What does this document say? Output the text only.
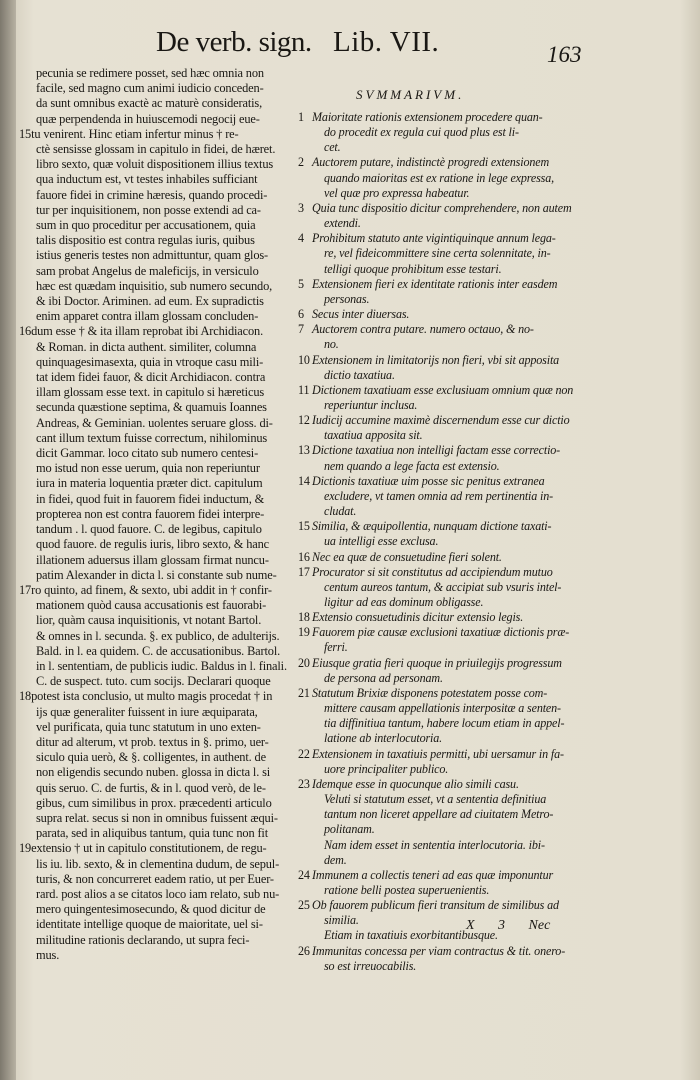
De verb. sign. Lib. VII.	163
pecunia se redimere posset, sed hæc omnia non
facile, sed magno cum animi iudicio conceden-
da sunt omnibus exactè ac maturè consideratis,
quæ perpendenda in huiuscemodi negocij eue-
15tu venirent. Hinc etiam infertur minus † re-
ctè sensisse glossam in capitulo in fidei, de hæret.
libro sexto, quæ voluit dispositionem illius textus
qua inductum est, vt testes inhabiles sufficiant
fauore fidei in crimine hæresis, quando procedi-
tur per inquisitionem, non posse extendi ad ca-
sum in quo proceditur per accusationem, quia
talis dispositio est contra regulas iuris, quibus
istius generis testes non admittuntur, quam glos-
sam probat Angelus de maleficijs, in versiculo
hæc est quædam inquisitio, sub numero secundo,
& ibi Doctor. Ariminen. ad eum. Ex supradictis
enim apparet contra illam glossam concluden-
16dum esse † & ita illam reprobat ibi Archidiacon.
& Roman. in dicta authent. similiter, columna
quinquagesimasexta, quia in vtroque casu mili-
tat idem fidei fauor, & dicit Archidiacon. contra
illam glossam esse text. in capitulo si hæreticus
secunda quæstione septima, & quamuis Ioannes
Andreas, & Geminian. uolentes seruare gloss. di-
cant illum textum fuisse correctum, nihilominus
dicit Gammar. loco citato sub numero centesi-
mo istud non esse uerum, quia non reperiuntur
iura in materia loquentia præter dict. capitulum
in fidei, quod fuit in fauorem fidei inductum, &
propterea non est contra fauorem fidei interpre-
tandum . l. quod fauore. C. de legibus, capitulo
quod fauore. de regulis iuris, libro sexto, & hanc
illationem aduersus illam glossam firmat nuncu-
patim Alexander in dicta l. si constante sub nume-
17ro quinto, ad finem, & sexto, ubi addit in † confir-
mationem quòd causa accusationis est fauorabi-
lior, quàm causa inquisitionis, vt notant Bartol.
& omnes in l. secunda. §. ex publico, de adulterijs.
Bald. in l. ea quidem. C. de accusationibus. Bartol.
in l. sententiam, de publicis iudic. Baldus in l. finali.
C. de suspect. tuto. cum socijs. Declarari quoque
18potest ista conclusio, ut multo magis procedat † in
ijs quæ generaliter fuissent in iure æquiparata,
vel purificata, quia tunc statutum in uno exten-
ditur ad alterum, vt prob. textus in §. primo, uer-
siculo quia uerò, & §. colligentes, in authent. de
non eligendis secundo nuben. glossa in dicta l. si
quis seruo. C. de furtis, & in l. quod verò, de le-
gibus, cum similibus in prox. præcedenti articulo
supra relat. secus si non in omnibus fuissent æqui-
parata, sed in aliquibus tantum, quia tunc non fit
19extensio † ut in capitulo constitutionem, de regu-
lis iu. lib. sexto, & in clementina dudum, de sepul-
turis, & non concurreret eadem ratio, ut per Euer-
rard. post alios a se citatos loco iam relato, sub nu-
mero quingentesimosecundo, & quod dicitur de
identitate intellige quoque de maioritate, uel si-
militudine rationis declarando, ut supra feci-
mus.
SVMMARIVM.
1 Maioritate rationis extensionem procedere quan-
do procedit ex regula cui quod plus est li-
cet.
2 Auctorem putare, indistinctè progredi extensionem
quando maioritas est ex ratione in lege expressa,
vel quæ pro expressa habeatur.
3 Quia tunc dispositio dicitur comprehendere, non autem
extendi.
4 Prohibitum statuto ante vigintiquinque annum lega-
re, vel fideicommittere sine certa solennitate, in-
telligi quoque prohibitum esse testari.
5 Extensionem fieri ex identitate rationis inter easdem
personas.
6 Secus inter diuersas.
7 Auctorem contra putare. numero octauo, & no-
no.
10 Extensionem in limitatorijs non fieri, vbi sit apposita
dictio taxatiua.
11 Dictionem taxatiuam esse exclusiuam omnium quæ non
reperiuntur inclusa.
12 Iudicij accumine maximè discernendum esse cur dictio
taxatiua apposita sit.
13 Dictione taxatiua non intelligi factam esse correctio-
nem quando a lege facta est extensio.
14 Dictionis taxatiuæ uim posse sic penitus extranea
excludere, vt tamen omnia ad rem pertinentia in-
cludat.
15 Similia, & æquipollentia, nunquam dictione taxati-
ua intelligi esse exclusa.
16 Nec ea quæ de consuetudine fieri solent.
17 Procurator si sit constitutus ad accipiendum mutuo
centum aureos tantum, & accipiat sub vsuris intel-
ligitur ad eas dominum obligasse.
18 Extensio consuetudinis dicitur extensio legis.
19 Fauorem piæ causæ exclusioni taxatiuæ dictionis præ-
ferri.
20 Eiusque gratia fieri quoque in priuilegijs progressum
de persona ad personam.
21 Statutum Brixiæ disponens potestatem posse com-
mittere causam appellationis interpositæ a senten-
tia diffinitiua tantum, habere locum etiam in appel-
latione ab interlocutoria.
22 Extensionem in taxatiuis permitti, ubi uersamur in fa-
uore principaliter publico.
23 Idemque esse in quocunque alio simili casu.
Veluti si statutum esset, vt a sententia definitiua
tantum non liceret appellare ad ciuitatem Metro-
politanam.
Nam idem esset in sententia interlocutoria. ibi-
dem.
24 Immunem a collectis teneri ad eas quæ imponuntur
ratione belli postea superuenientis.
25 Ob fauorem publicum fieri transitum de similibus ad
similia.
Etiam in taxatiuis exorbitantibusque.
26 Immunitas concessa per viam contractus & tit. onero-
so est irreuocabilis.
X 3 Nec
